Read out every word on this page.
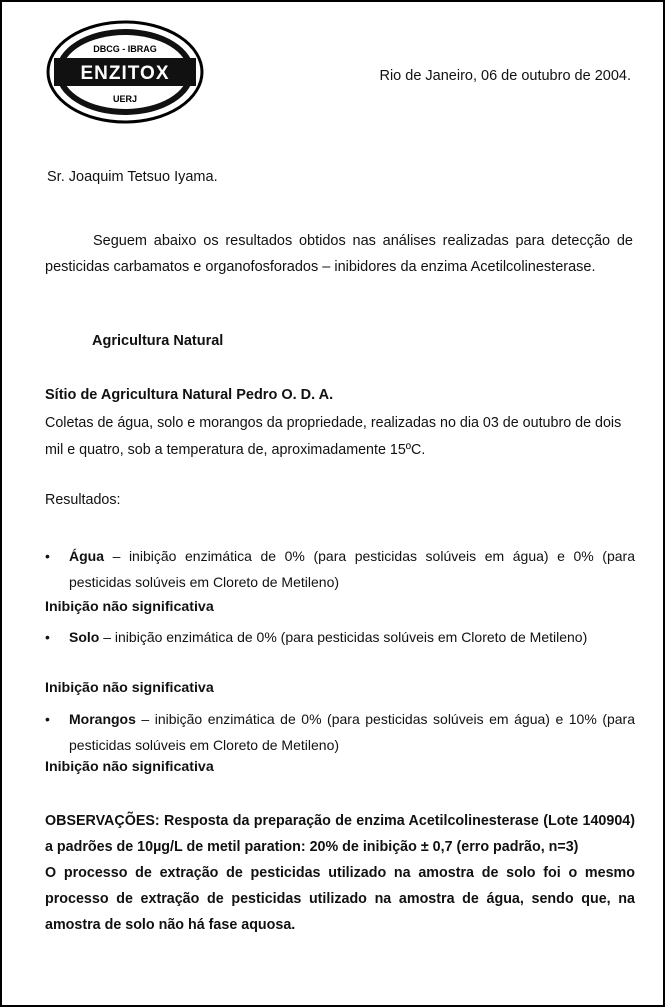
DBCG - IBRAG
ENZITOX
UERJ
Rio de Janeiro, 06 de outubro de 2004.
Sr. Joaquim Tetsuo Iyama.

Seguem abaixo os resultados obtidos nas análises realizadas para detecção de pesticidas carbamatos e organofosforados – inibidores da enzima Acetilcolinesterase.

Agricultura Natural
Sítio de Agricultura Natural Pedro O. D. A.
Coletas de água, solo e morangos da propriedade, realizadas no dia 03 de outubro de dois mil e quatro, sob a temperatura de, aproximadamente 15ºC.
Resultados:
•	Água – inibição enzimática de 0% (para pesticidas solúveis em água) e 0% (para pesticidas solúveis em Cloreto de Metileno)
Inibição não significativa
•	Solo – inibição enzimática de 0% (para pesticidas solúveis em Cloreto de Metileno)
Inibição não significativa
•	Morangos – inibição enzimática de 0% (para pesticidas solúveis em água) e 10% (para pesticidas solúveis em Cloreto de Metileno)
Inibição não significativa

OBSERVAÇÕES: Resposta da preparação de enzima Acetilcolinesterase (Lote 140904) a padrões de 10µg/L de metil paration: 20% de inibição ± 0,7 (erro padrão, n=3)

O processo de extração de pesticidas utilizado na amostra de solo foi o mesmo processo de extração de pesticidas utilizado na amostra de água, sendo que, na amostra de solo não há fase aquosa.
